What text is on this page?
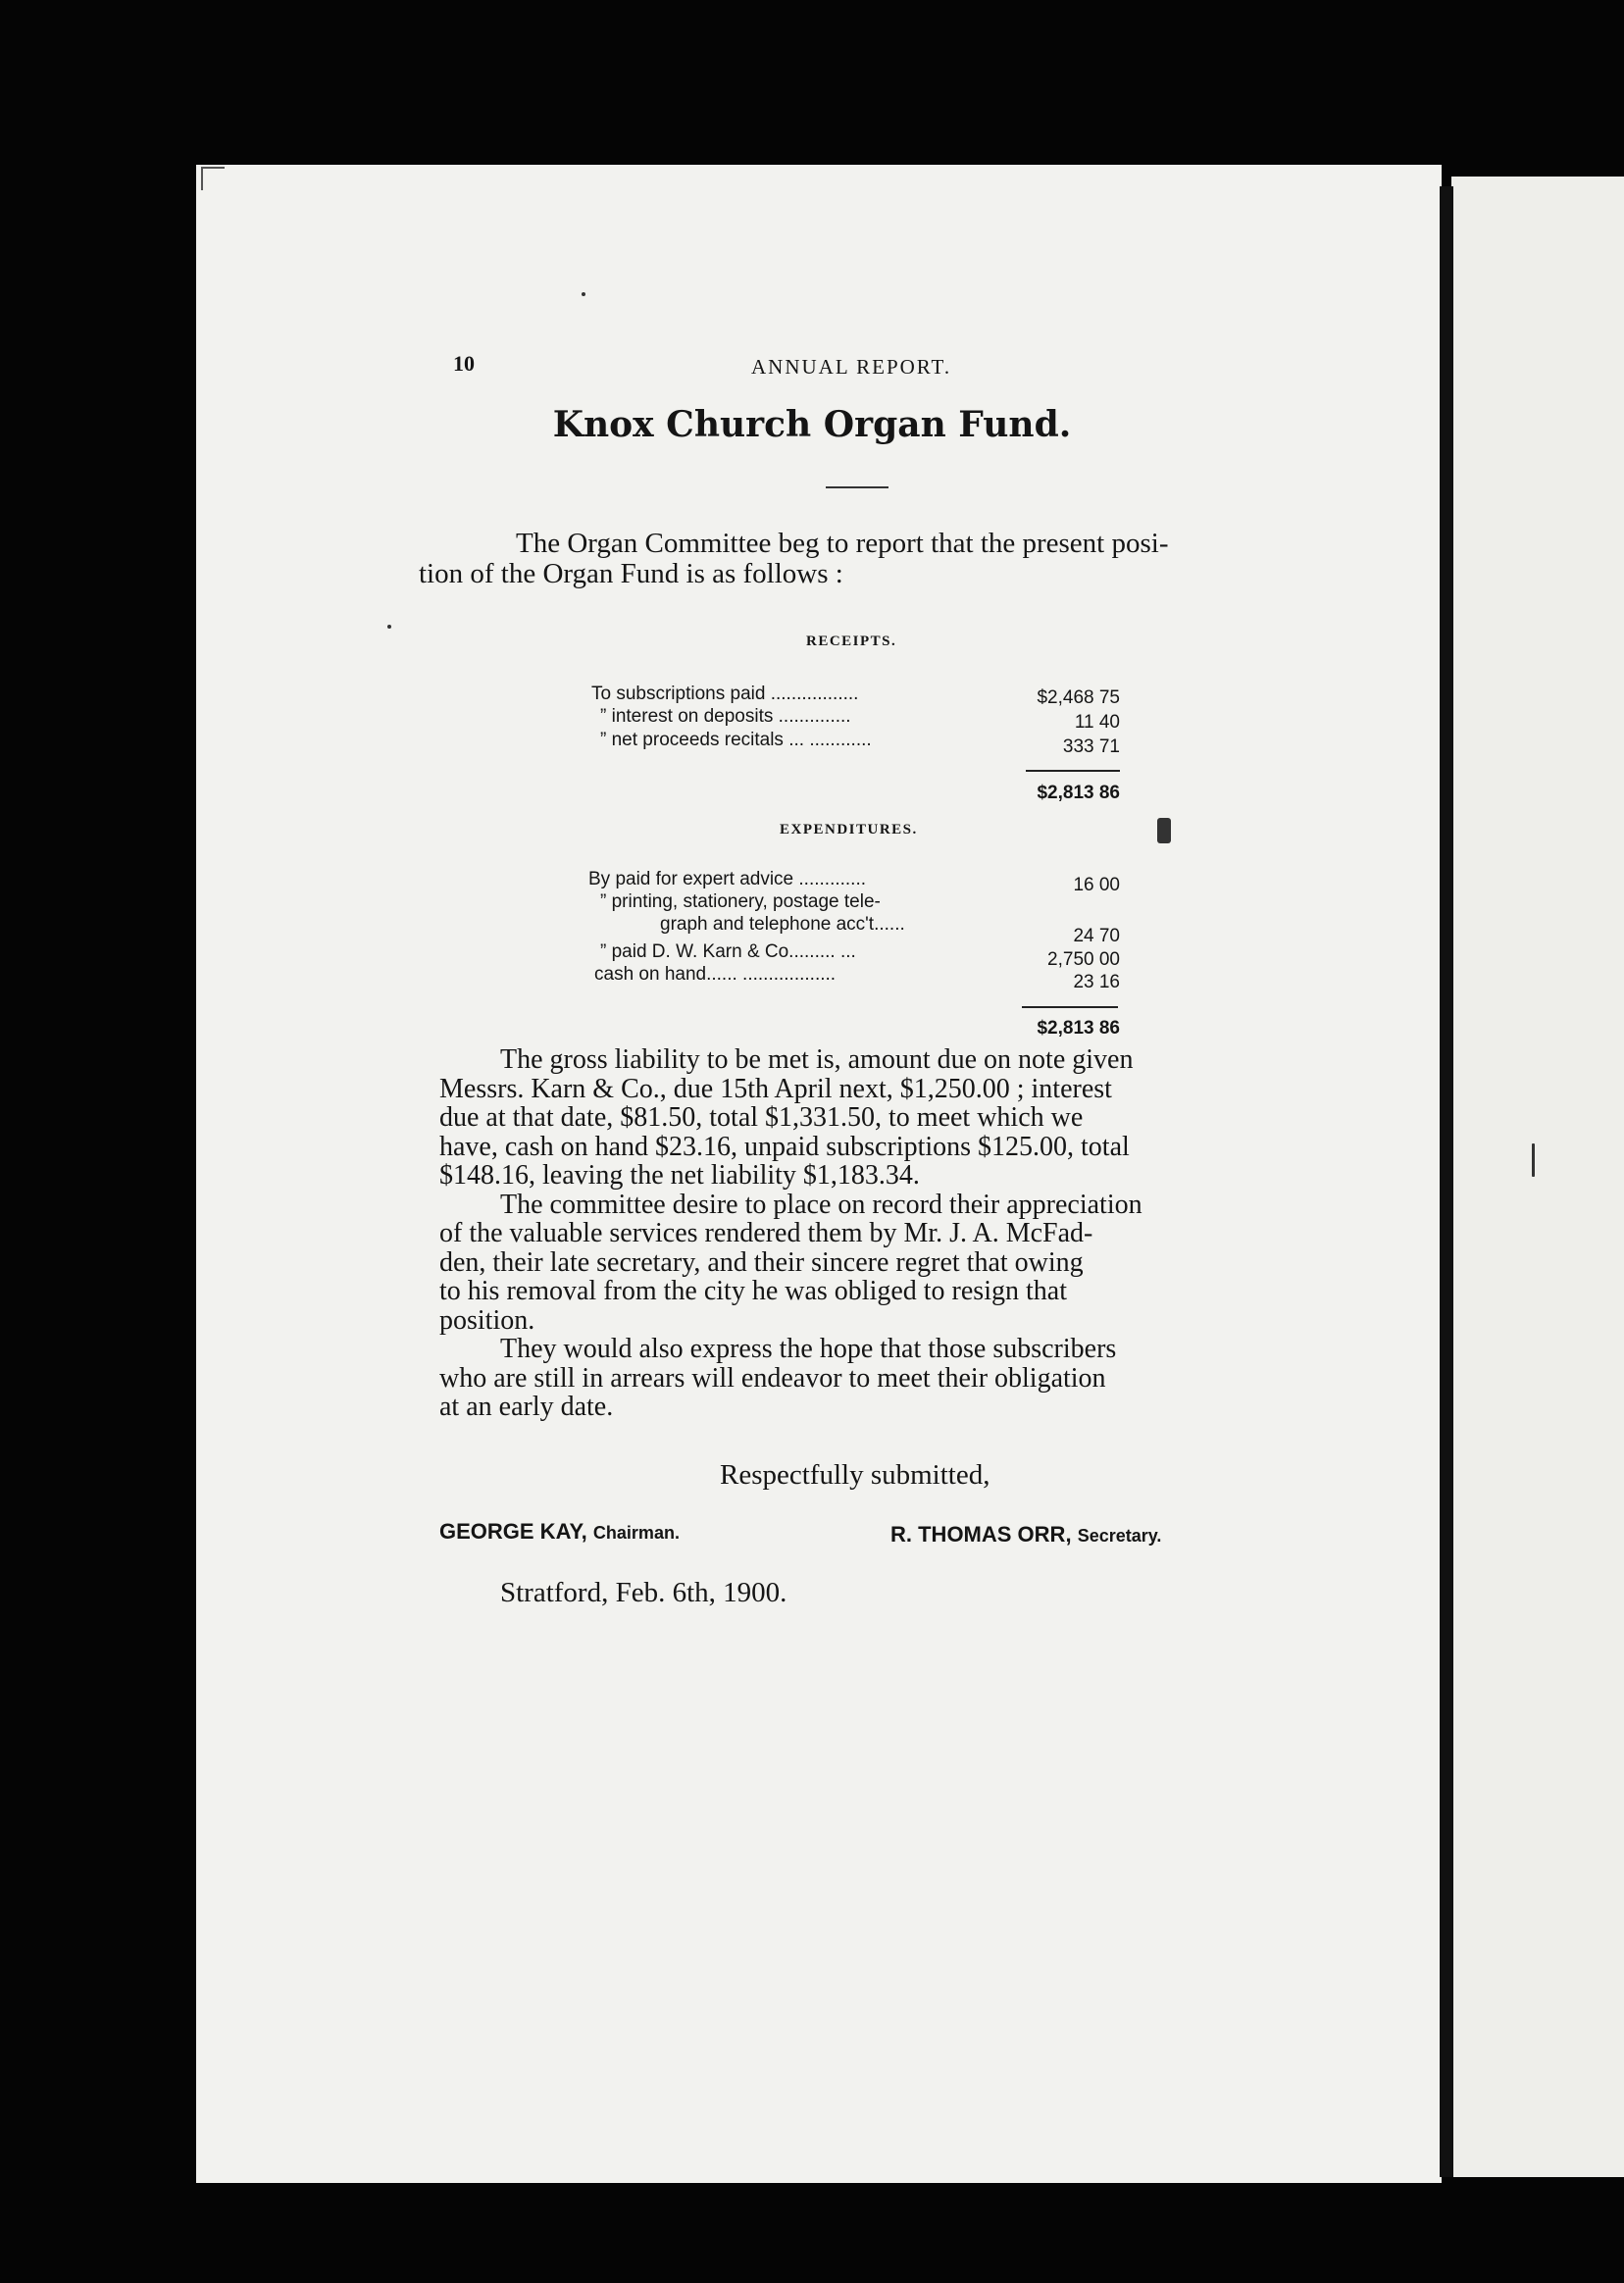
10	ANNUAL REPORT.
Knox Church Organ Fund.
The Organ Committee beg to report that the present posi-
tion of the Organ Fund is as follows :
RECEIPTS.
To subscriptions paid .................	$2,468 75
” interest on deposits ..............	11 40
” net proceeds recitals ... ............	333 71
$2,813 86
EXPENDITURES.
By paid for expert advice .............	16 00
” printing, stationery, postage tele-
graph and telephone acc't......
24 70
” paid D. W. Karn & Co......... ...	2,750 00
cash on hand...... ..................	23 16
$2,813 86

The gross liability to be met is, amount due on note given

Messrs. Karn & Co., due 15th April next, $1,250.00 ; interest

due at that date, $81.50, total $1,331.50, to meet which we

have, cash on hand $23.16, unpaid subscriptions $125.00, total

$148.16, leaving the net liability $1,183.34.

The committee desire to place on record their appreciation

of the valuable services rendered them by Mr. J. A. McFad-

den, their late secretary, and their sincere regret that owing

to his removal from the city he was obliged to resign that

position.

They would also express the hope that those subscribers

who are still in arrears will endeavor to meet their obligation

at an early date.

Respectfully submitted,
GEORGE KAY, Chairman.	R. THOMAS ORR, Secretary.
Stratford, Feb. 6th, 1900.
